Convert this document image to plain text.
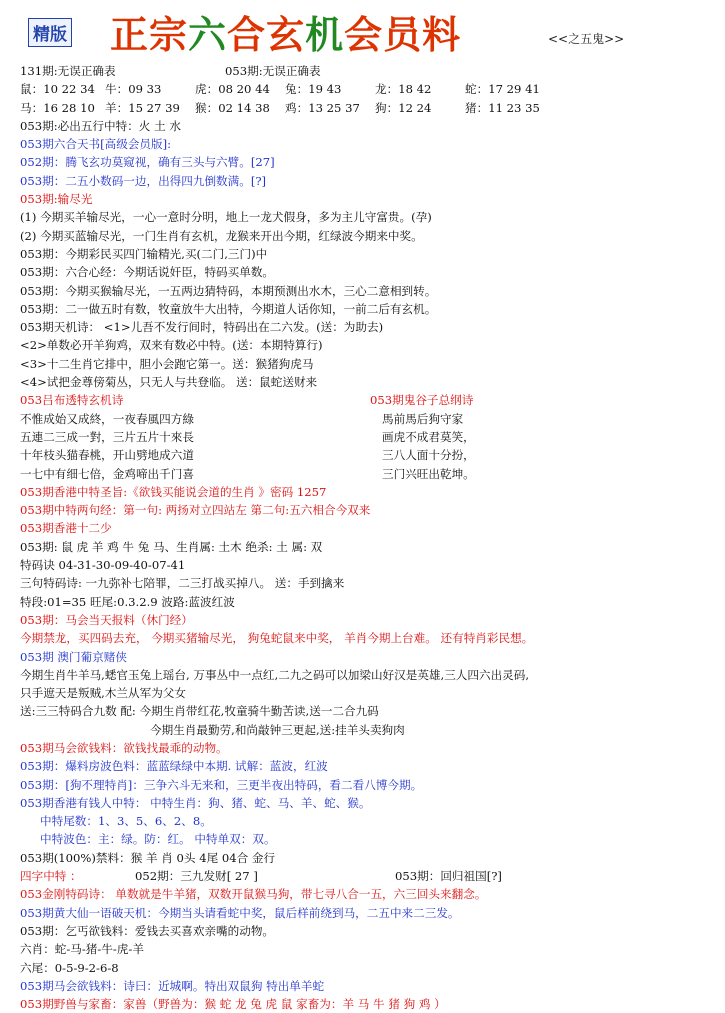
精版 正宗六合玄机会员料	<<之五鬼>>
131期:无误正确表	053期:无误正确表
鼠：10 22 34 牛：09 33	虎：08 20 44	兔：19 43	龙：18 42	蛇：17 29 41
马：16 28 10 羊：15 27 39	猴：02 14 38	鸡：13 25 37	狗：12 24	猪：11 23 35
053期:必出五行中特：火 土 水
053期六合天书[高级会员版]:
052期：腾飞玄功莫窥视，确有三头与六臂。[27]
053期：二五小数码一边，出得四九倒数满。[?]
053期:输尽光
(1) 今期买羊输尽光，一心一意时分明，地上一龙犬假身，多为主儿守富贵。(孕)
(2) 今期买蓝输尽光，一门生肖有玄机，龙猴来开出今期，红绿波今期来中奖。
053期：今期彩民买四门输精光,买(二门,三门)中
053期：六合心经：今期话说奸臣，特码买单数。
053期：今期买猴输尽光，一五两边猜特码，本期预测出水木，三心二意相到转。
053期：二一做五时有数，牧童放牛大出特，今期道人话你知，一前二后有玄机。
053期天机诗： <1>儿吾不发行间时，特码出在二六发。(送：为助去)
<2>单数必开羊狗鸡，双来有数必中特。(送：本期特算行)
<3>十二生肖它排中，胆小会跑它第一。送：猴猪狗虎马
<4>试把金尊傍菊丛，只无人与共登临。 送：鼠蛇送财来
053吕布透特玄机诗	053期鬼谷子总纲诗
不惟成始又成終，一夜春風四方綠	馬前馬后狗守家
五連二三成一對，三片五片十來長	画虎不成君莫笑，
十年枝头猫春桃，开山劈地成六道	三八人面十分扮，
一七中有细七倍，金鸡啼出千门喜	三门兴旺出乾坤。
053期香港中特圣旨:《欲钱买能说会道的生肖 》密码 1257
053期中特两句经：第一句: 两扬对立四站左 第二句:五六相合今双来
053期香港十二少
053期: 鼠 虎 羊 鸡 牛 兔 马、生肖属: 土木 绝杀: 土 属: 双
特码诀 04-31-30-09-40-07-41
三句特码诗: 一九弥补七陪罪，二三打战买掉八。 送：手到擒来
特段:01=35 旺尾:0.3.2.9 波路:蓝波红波
053期：马会当天报料（休门经）
今期禁龙，买四码去充， 今期买猪输尽光， 狗兔蛇鼠来中奖， 羊肖今期上台难。 还有特肖彩民想。
053期 澳门葡京赌侠
今期生肖牛羊马,蟋官玉兔上瑶台, 万事丛中一点红,二九之码可以加梁山好汉是英雄,三人四六出灵码,
只手遮天是叛贼,木兰从军为父女
送:三三特码合九数 配: 今期生肖带红花,牧童骑牛勤苦读,送一二合九码
今期生肖最勤劳,和尚敲钟三更起,送:挂羊头卖狗肉
053期马会欲钱料：欲钱找最乖的动物。
053期：爆料房波色料：蓝蓝绿绿中本期. 试解：蓝波，红波
053期：[狗不理特肖]：三争六斗无来和，三更半夜出特码，看二看八博今期。
053期香港有钱人中特： 中特生肖：狗、猪、蛇、马、羊、蛇、猴。
中特尾数：1、3、5、6、2、8。
中特波色：主：绿。防：红。 中特单双：双。
053期(100%)禁料：猴 羊 肖 0头 4尾 04合 金行
四字中特 ：	052期：三九发财[ 27 ]	053期：回归祖国[?]
053金刚特码诗： 单数就是牛羊猪，双数开鼠猴马狗，带七寻八合一五，六三回头来翻念。
053期黄大仙一语破天机：今期当头请看蛇中奖，鼠后样前绕到马，二五中来二三发。
053期：乞丐欲钱料：爱钱去买喜欢亲嘴的动物。
六肖：蛇-马-猪-牛-虎-羊
六尾：0-5-9-2-6-8
053期马会欲钱料：诗曰：近城啊。特出双鼠狗 特出单羊蛇
053期野兽与家畜：家兽（野兽为：猴 蛇 龙 兔 虎 鼠 家畜为：羊 马 牛 猪 狗 鸡 ）
